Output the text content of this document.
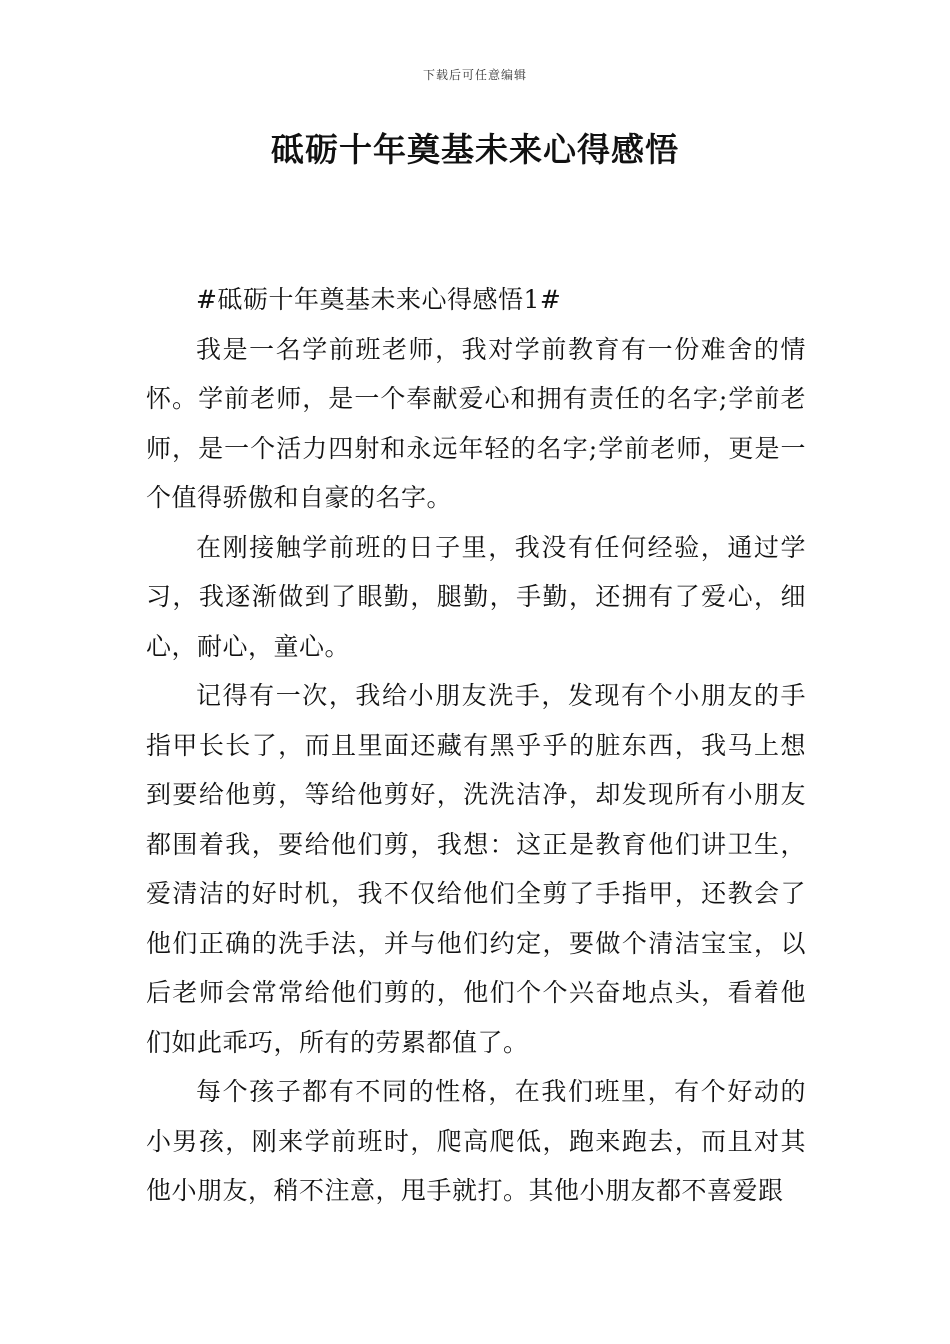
下载后可任意编辑
砥砺十年奠基未来心得感悟

#砥砺十年奠基未来心得感悟1#

我是一名学前班老师，我对学前教育有一份难舍的情怀。学前老师，是一个奉献爱心和拥有责任的名字;学前老师，是一个活力四射和永远年轻的名字;学前老师，更是一个值得骄傲和自豪的名字。

在刚接触学前班的日子里，我没有任何经验，通过学习，我逐渐做到了眼勤，腿勤，手勤，还拥有了爱心，细心，耐心，童心。

记得有一次，我给小朋友洗手，发现有个小朋友的手指甲长长了，而且里面还藏有黑乎乎的脏东西，我马上想到要给他剪，等给他剪好，洗洗洁净，却发现所有小朋友都围着我，要给他们剪，我想：这正是教育他们讲卫生，爱清洁的好时机，我不仅给他们全剪了手指甲，还教会了他们正确的洗手法，并与他们约定，要做个清洁宝宝，以后老师会常常给他们剪的，他们个个兴奋地点头，看着他们如此乖巧，所有的劳累都值了。

每个孩子都有不同的性格，在我们班里，有个好动的小男孩，刚来学前班时，爬高爬低，跑来跑去，而且对其他小朋友，稍不注意，甩手就打。其他小朋友都不喜爱跟
